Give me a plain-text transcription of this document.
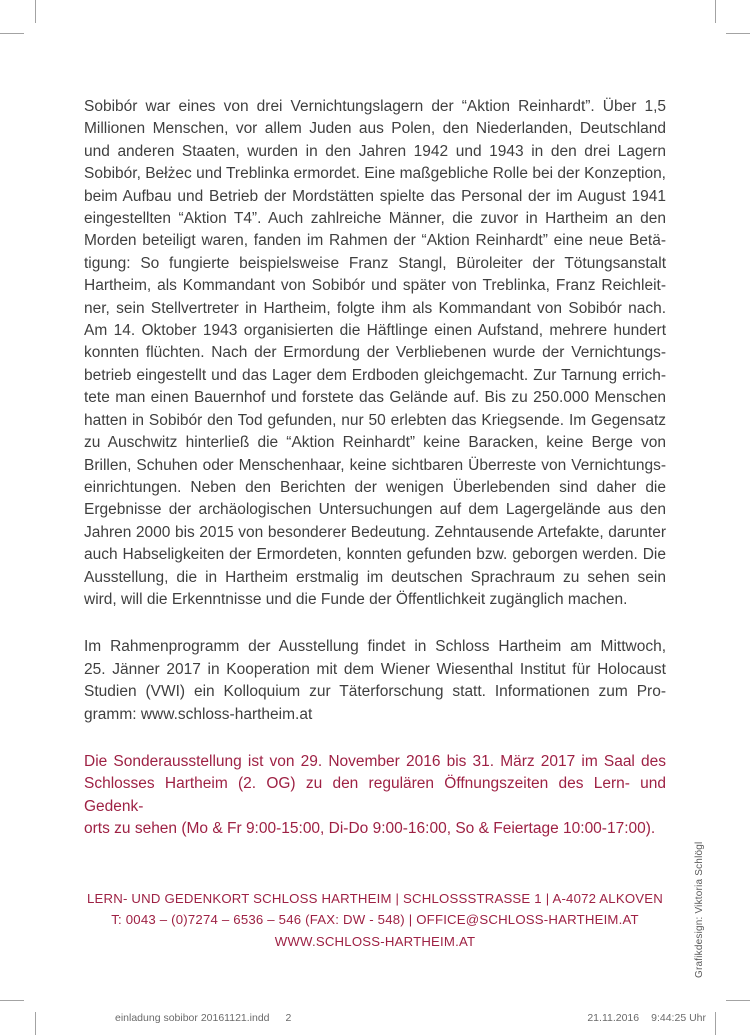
Sobibór war eines von drei Vernichtungslagern der “Aktion Reinhardt”. Über 1,5
Millionen Menschen, vor allem Juden aus Polen, den Niederlanden, Deutschland
und anderen Staaten, wurden in den Jahren 1942 und 1943 in den drei Lagern
Sobibór, Bełżec und Treblinka ermordet. Eine maßgebliche Rolle bei der Konzeption,
beim Aufbau und Betrieb der Mordstätten spielte das Personal der im August 1941
eingestellten “Aktion T4”. Auch zahlreiche Männer, die zuvor in Hartheim an den
Morden beteiligt waren, fanden im Rahmen der “Aktion Reinhardt” eine neue Betä-
tigung: So fungierte beispielsweise Franz Stangl, Büroleiter der Tötungsanstalt
Hartheim, als Kommandant von Sobibór und später von Treblinka, Franz Reichleit-
ner, sein Stellvertreter in Hartheim, folgte ihm als Kommandant von Sobibór nach.
Am 14. Oktober 1943 organisierten die Häftlinge einen Aufstand, mehrere hundert
konnten flüchten. Nach der Ermordung der Verbliebenen wurde der Vernichtungs-
betrieb eingestellt und das Lager dem Erdboden gleichgemacht. Zur Tarnung errich-
tete man einen Bauernhof und forstete das Gelände auf. Bis zu 250.000 Menschen
hatten in Sobibór den Tod gefunden, nur 50 erlebten das Kriegsende. Im Gegensatz
zu Auschwitz hinterließ die “Aktion Reinhardt” keine Baracken, keine Berge von
Brillen, Schuhen oder Menschenhaar, keine sichtbaren Überreste von Vernichtungs-
einrichtungen. Neben den Berichten der wenigen Überlebenden sind daher die
Ergebnisse der archäologischen Untersuchungen auf dem Lagergelände aus den
Jahren 2000 bis 2015 von besonderer Bedeutung. Zehntausende Artefakte, darunter
auch Habseligkeiten der Ermordeten, konnten gefunden bzw. geborgen werden. Die
Ausstellung, die in Hartheim erstmalig im deutschen Sprachraum zu sehen sein
wird, will die Erkenntnisse und die Funde der Öffentlichkeit zugänglich machen.
Im Rahmenprogramm der Ausstellung findet in Schloss Hartheim am Mittwoch,
25. Jänner 2017 in Kooperation mit dem Wiener Wiesenthal Institut für Holocaust
Studien (VWI) ein Kolloquium zur Täterforschung statt. Informationen zum Pro-
gramm: www.schloss-hartheim.at
Die Sonderausstellung ist von 29. November 2016 bis 31. März 2017 im Saal des
Schlosses Hartheim (2. OG) zu den regulären Öffnungszeiten des Lern- und Gedenk-
orts zu sehen (Mo & Fr 9:00-15:00, Di-Do 9:00-16:00, So & Feiertage 10:00-17:00).
LERN- UND GEDENKORT SCHLOSS HARTHEIM | SCHLOSSSTRASSE 1 | A-4072 ALKOVEN
T: 0043 – (0)7274 – 6536 – 546 (FAX: DW - 548) | OFFICE@SCHLOSS-HARTHEIM.AT
WWW.SCHLOSS-HARTHEIM.AT	Grafikdesign: Viktoria Schlögl
einladung sobibor 20161121.indd 2	21.11.2016 9:44:25 Uhr
